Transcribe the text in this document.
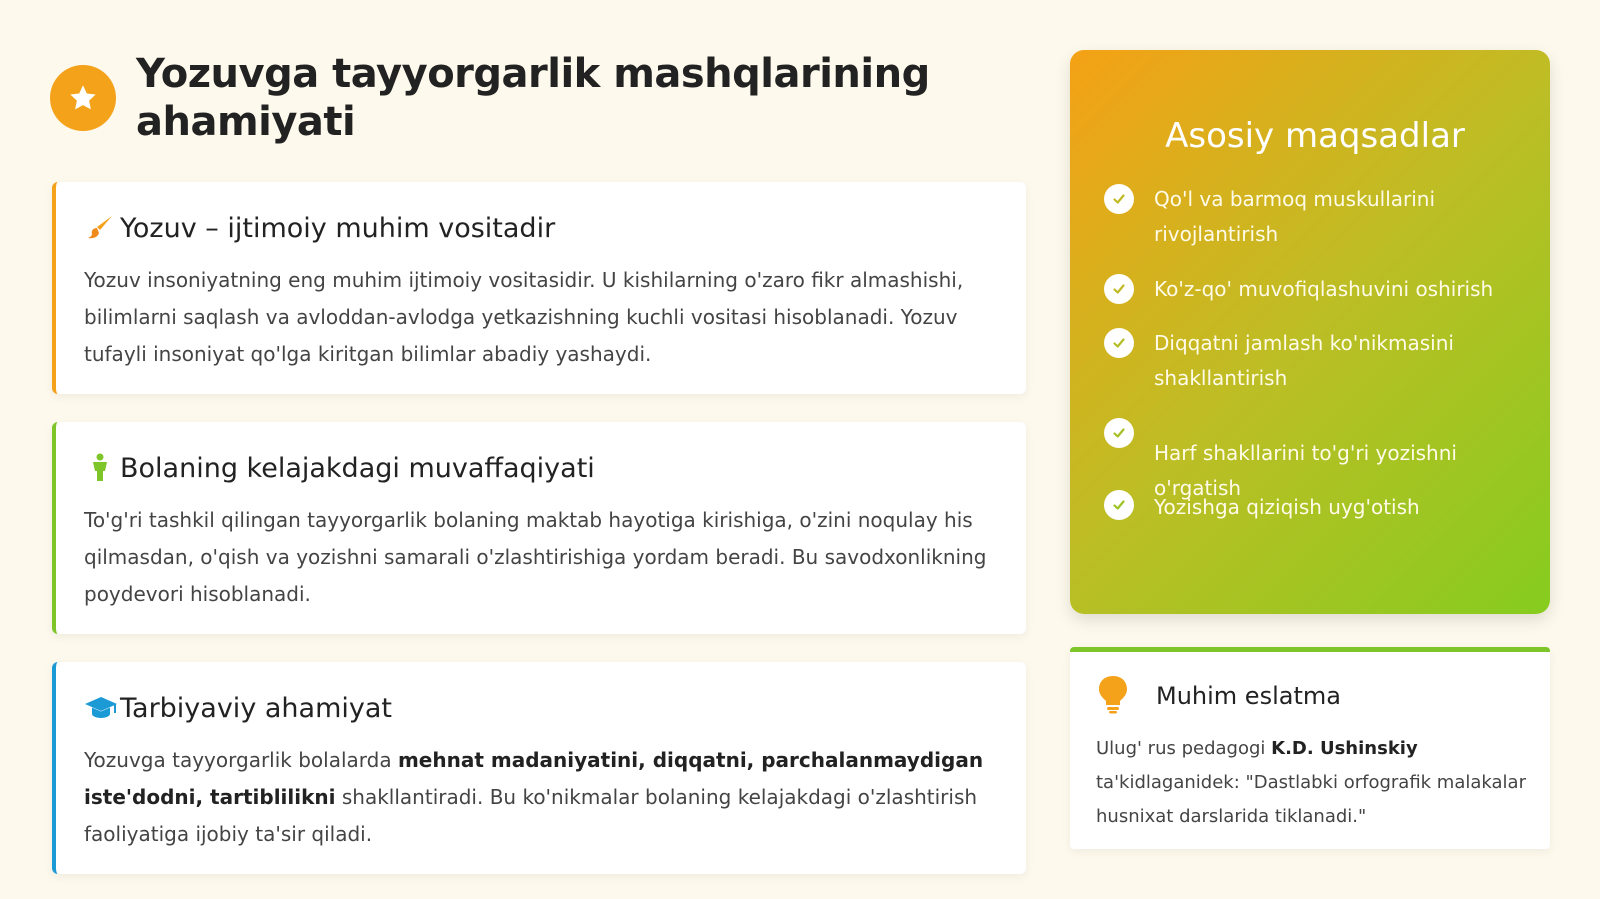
Yozuvga tayyorgarlik mashqlarining
ahamiyati
Yozuv – ijtimoiy muhim vositadir

Yozuv insoniyatning eng muhim ijtimoiy vositasidir. U kishilarning o'zaro fikr almashishi, bilimlarni saqlash va avloddan-avlodga yetkazishning kuchli vositasi hisoblanadi. Yozuv tufayli insoniyat qo'lga kiritgan bilimlar abadiy yashaydi.

Bolaning kelajakdagi muvaffaqiyati

To'g'ri tashkil qilingan tayyorgarlik bolaning maktab hayotiga kirishiga, o'zini noqulay his qilmasdan, o'qish va yozishni samarali o'zlashtirishiga yordam beradi. Bu savodxonlikning poydevori hisoblanadi.

Tarbiyaviy ahamiyat

Yozuvga tayyorgarlik bolalarda mehnat madaniyatini, diqqatni, parchalanmaydigan iste'dodni, tartiblilikni shakllantiradi. Bu ko'nikmalar bolaning kelajakdagi o'zlashtirish faoliyatiga ijobiy ta'sir qiladi.

Asosiy maqsadlar
Qo'l va barmoq muskullarini rivojlantirish
Ko'z-qo' muvofiqlashuvini oshirish
Diqqatni jamlash ko'nikmasini shakllantirish
Harf shakllarini to'g'ri yozishni o'rgatish
Yozishga qiziqish uyg'otish
Muhim eslatma

Ulug' rus pedagogi K.D. Ushinskiy ta'kidlaganidek: "Dastlabki orfografik malakalar husnixat darslarida tiklanadi."
